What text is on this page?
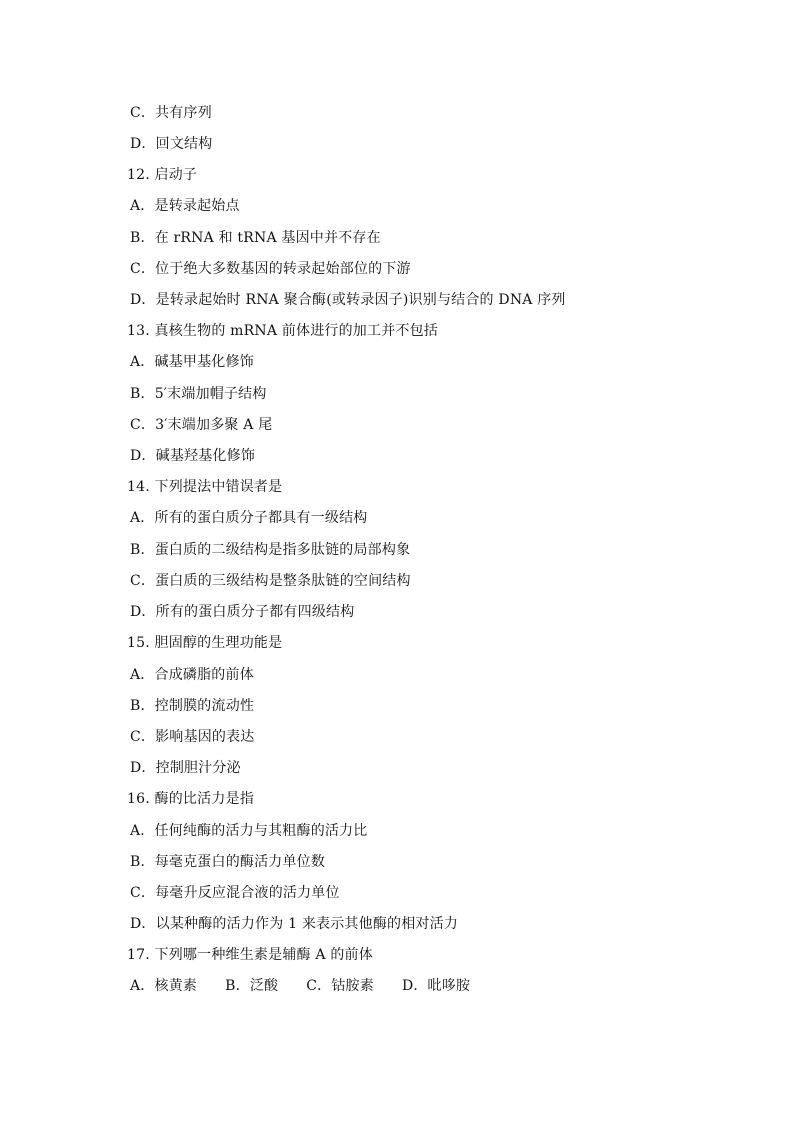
C．共有序列
D．回文结构
12. 启动子
A．是转录起始点
B．在 rRNA 和 tRNA 基因中并不存在
C．位于绝大多数基因的转录起始部位的下游
D．是转录起始时 RNA 聚合酶(或转录因子)识别与结合的 DNA 序列
13. 真核生物的 mRNA 前体进行的加工并不包括
A．碱基甲基化修饰
B．5′末端加帽子结构
C．3′末端加多聚 A 尾
D．碱基羟基化修饰
14. 下列提法中错误者是
A．所有的蛋白质分子都具有一级结构
B．蛋白质的二级结构是指多肽链的局部构象
C．蛋白质的三级结构是整条肽链的空间结构
D．所有的蛋白质分子都有四级结构
15. 胆固醇的生理功能是
A．合成磷脂的前体
B．控制膜的流动性
C．影响基因的表达
D．控制胆汁分泌
16. 酶的比活力是指
A．任何纯酶的活力与其粗酶的活力比
B．每毫克蛋白的酶活力单位数
C．每毫升反应混合液的活力单位
D．以某种酶的活力作为 1 来表示其他酶的相对活力
17. 下列哪一种维生素是辅酶 A 的前体
A．核黄素 B．泛酸 C．钴胺素 D．吡哆胺
